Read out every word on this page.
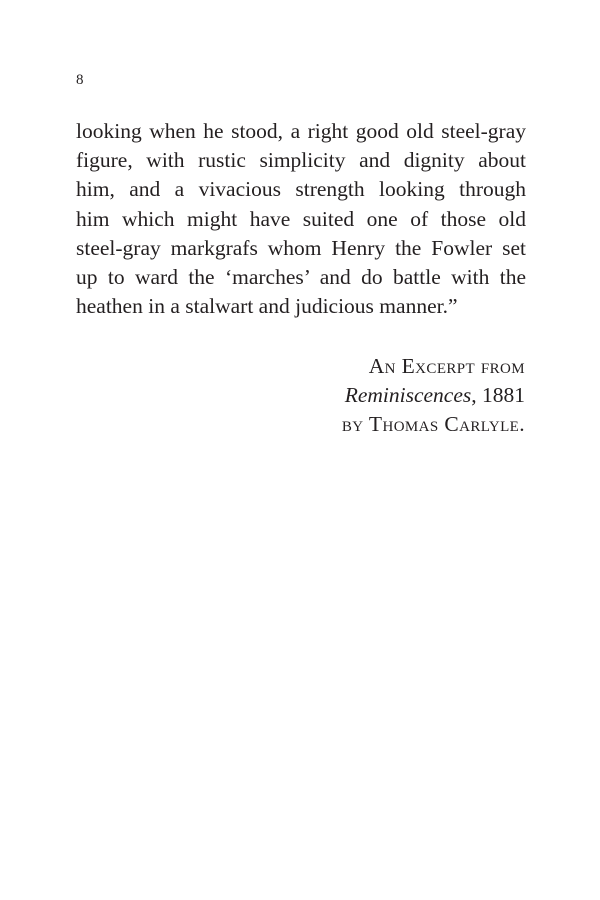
8

looking when he stood, a right good old steel-gray
figure, with rustic simplicity and dignity about
him, and a vivacious strength looking through
him which might have suited one of those old
steel-gray markgrafs whom Henry the Fowler set
up to ward the ‘marches’ and do battle with the
heathen in a stalwart and judicious manner.”

An Excerpt from
Reminiscences, 1881
by Thomas Carlyle.
